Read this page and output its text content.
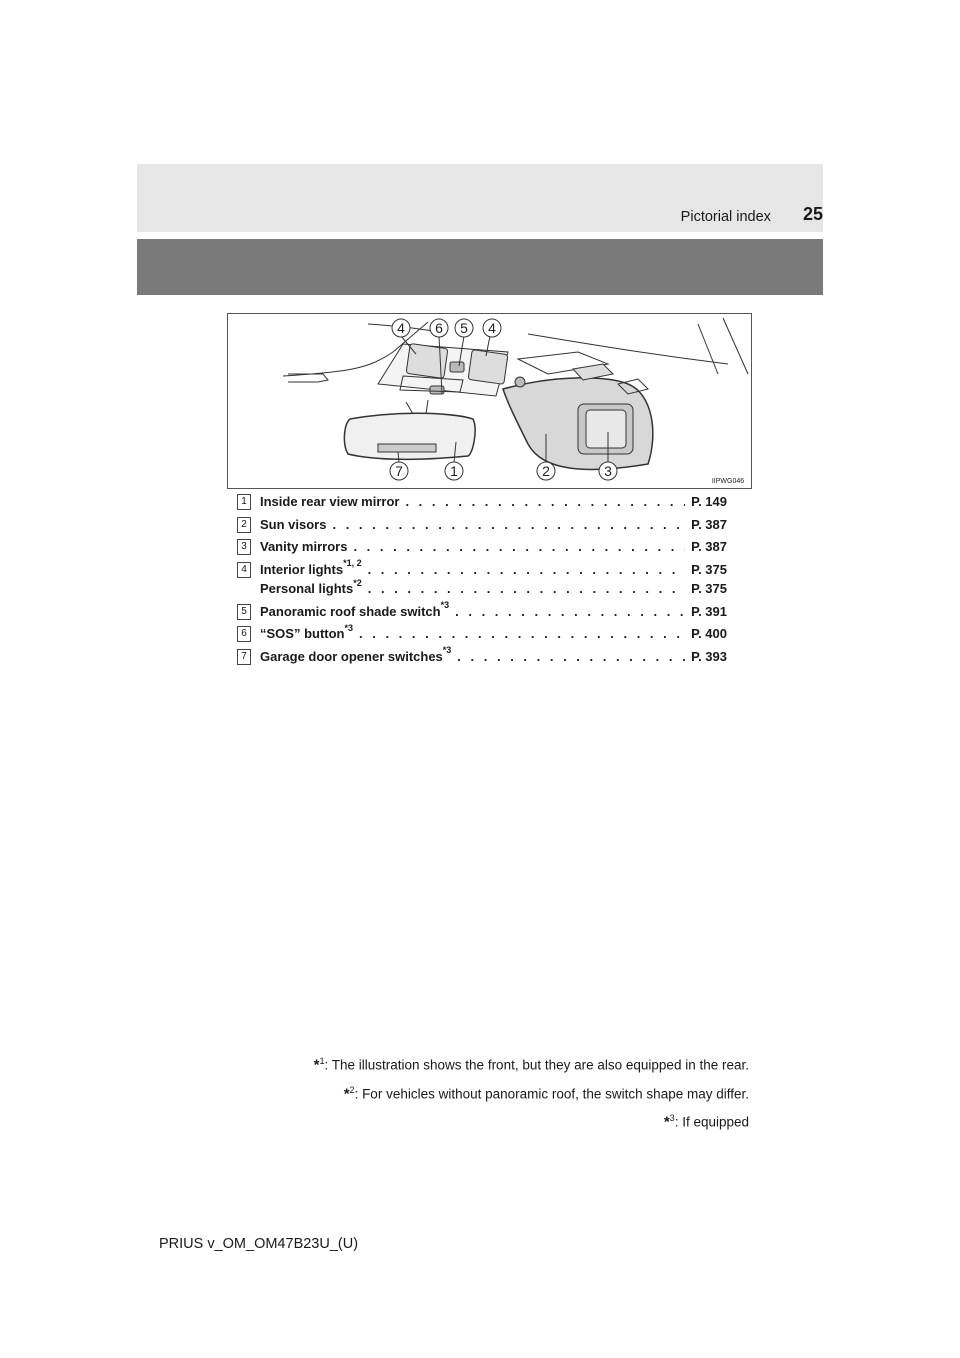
Pictorial index 25
4 6 5 4
7	1	2	3
IIPWG046
1	Inside rear view mirror . . .	P. 149
2	Sun visors . . .	P. 387
3	Vanity mirrors . . .	P. 387
4	Interior lights$^{*1, 2}$ . . .	P. 375
Personal lights$^{*2}$ . . .	P. 375
5	Panoramic roof shade switch$^{*3}$ . . .	P. 391
6	“SOS” button$^{*3}$ . . .	P. 400
7	Garage door opener switches$^{*3}$ . . .	P. 393
*$^1$: The illustration shows the front, but they are also equipped in the rear.
*$^2$: For vehicles without panoramic roof, the switch shape may differ.
*$^3$: If equipped
PRIUS v_OM_OM47B23U_(U)
